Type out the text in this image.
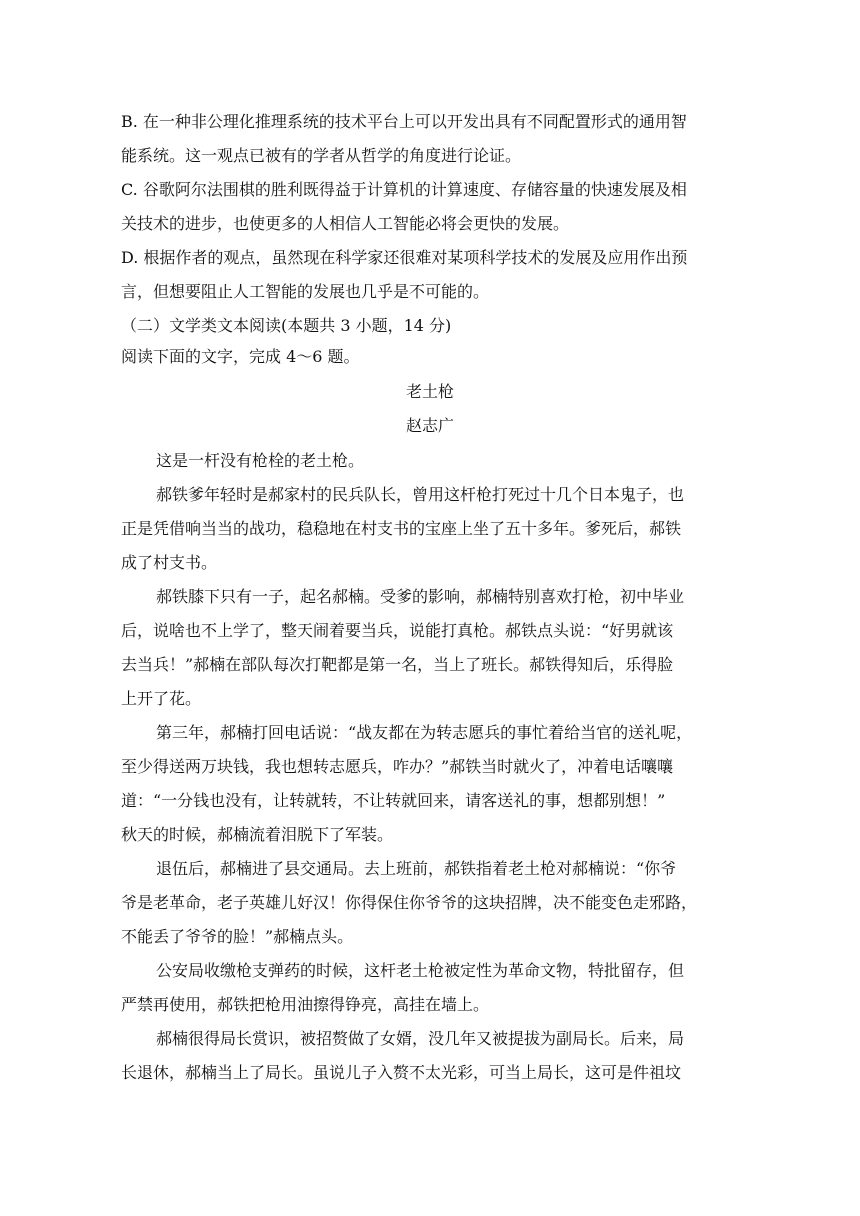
B. 在一种非公理化推理系统的技术平台上可以开发出具有不同配置形式的通用智
能系统。这一观点已被有的学者从哲学的角度进行论证。
C. 谷歌阿尔法围棋的胜利既得益于计算机的计算速度、存储容量的快速发展及相
关技术的进步，也使更多的人相信人工智能必将会更快的发展。
D. 根据作者的观点，虽然现在科学家还很难对某项科学技术的发展及应用作出预
言，但想要阻止人工智能的发展也几乎是不可能的。
（二）文学类文本阅读(本题共 3 小题，14 分)
阅读下面的文字，完成 4～6 题。
老土枪
赵志广
这是一杆没有枪栓的老土枪。
郝铁爹年轻时是郝家村的民兵队长，曾用这杆枪打死过十几个日本鬼子，也
正是凭借响当当的战功，稳稳地在村支书的宝座上坐了五十多年。爹死后，郝铁
成了村支书。
郝铁膝下只有一子，起名郝楠。受爹的影响，郝楠特别喜欢打枪，初中毕业
后，说啥也不上学了，整天闹着要当兵，说能打真枪。郝铁点头说：“好男就该
去当兵！”郝楠在部队每次打靶都是第一名，当上了班长。郝铁得知后，乐得脸
上开了花。
第三年，郝楠打回电话说：“战友都在为转志愿兵的事忙着给当官的送礼呢，
至少得送两万块钱，我也想转志愿兵，咋办？”郝铁当时就火了，冲着电话嚷嚷
道：“一分钱也没有，让转就转，不让转就回来，请客送礼的事，想都别想！”
秋天的时候，郝楠流着泪脱下了军装。
退伍后，郝楠进了县交通局。去上班前，郝铁指着老土枪对郝楠说：“你爷
爷是老革命，老子英雄儿好汉！你得保住你爷爷的这块招牌，决不能变色走邪路，
不能丢了爷爷的脸！”郝楠点头。
公安局收缴枪支弹药的时候，这杆老土枪被定性为革命文物，特批留存，但
严禁再使用，郝铁把枪用油擦得铮亮，高挂在墙上。
郝楠很得局长赏识，被招赘做了女婿，没几年又被提拔为副局长。后来，局
长退休，郝楠当上了局长。虽说儿子入赘不太光彩，可当上局长，这可是件祖坟
